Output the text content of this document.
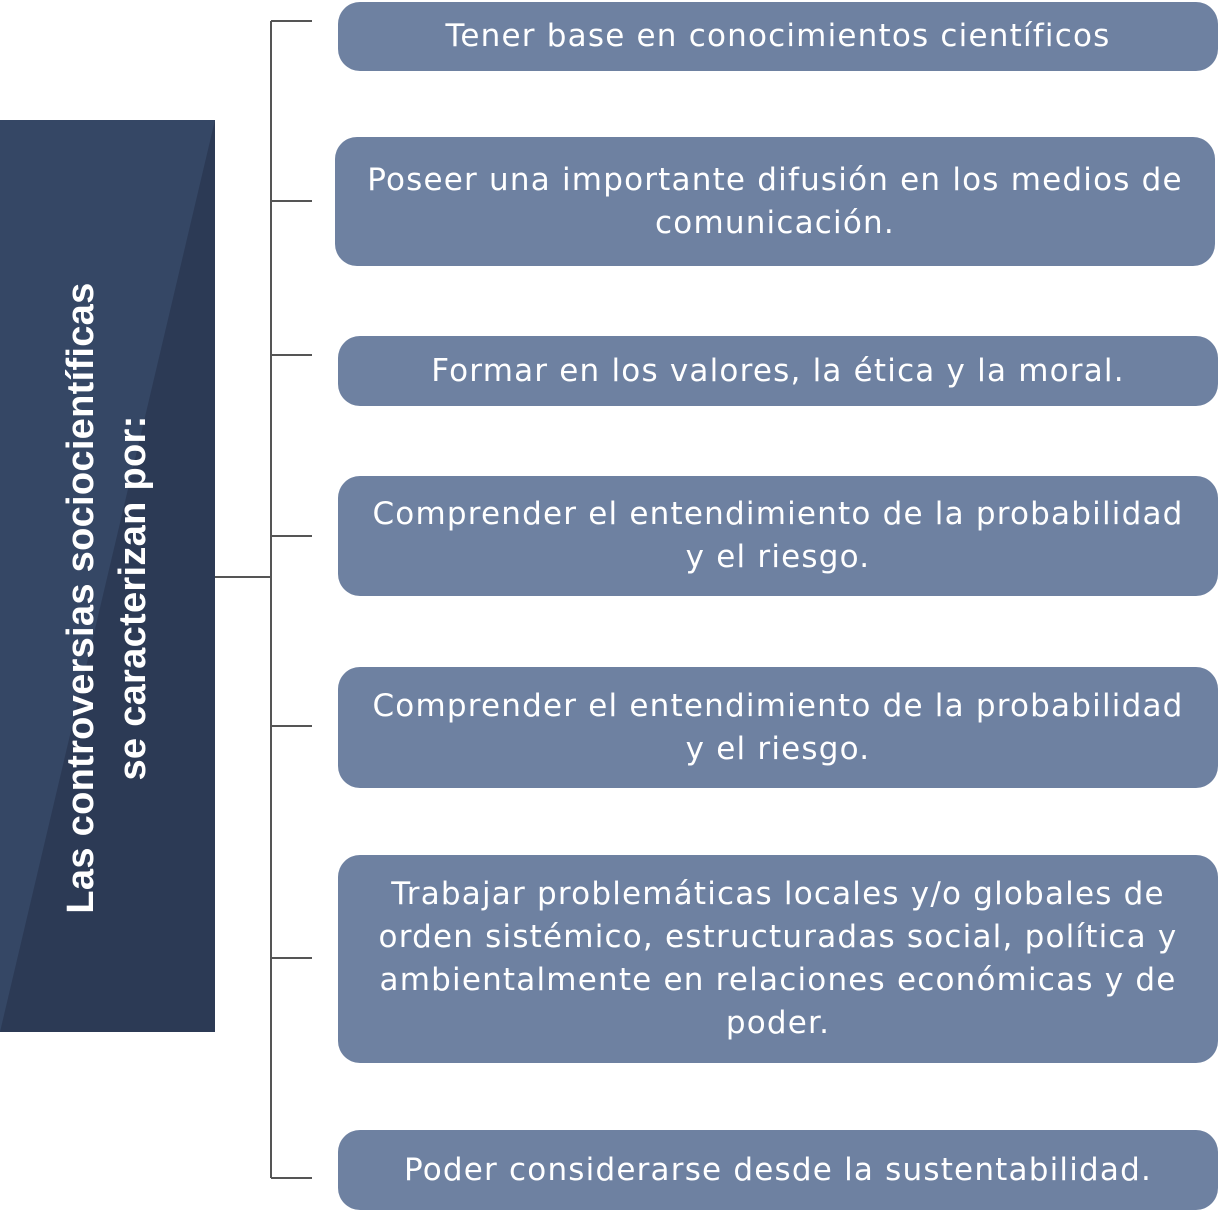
Las controversias sociocientíficas se caracterizan por:
Tener base en conocimientos científicos
Poseer una importante difusión en los medios de comunicación.
Formar en los valores, la ética y la moral.
Comprender el entendimiento de la probabilidad y el riesgo.
Comprender el entendimiento de la probabilidad y el riesgo.
Trabajar problemáticas locales y/o globales de orden sistémico, estructuradas social, política y ambientalmente en relaciones económicas y de poder.
Poder considerarse desde la sustentabilidad.
